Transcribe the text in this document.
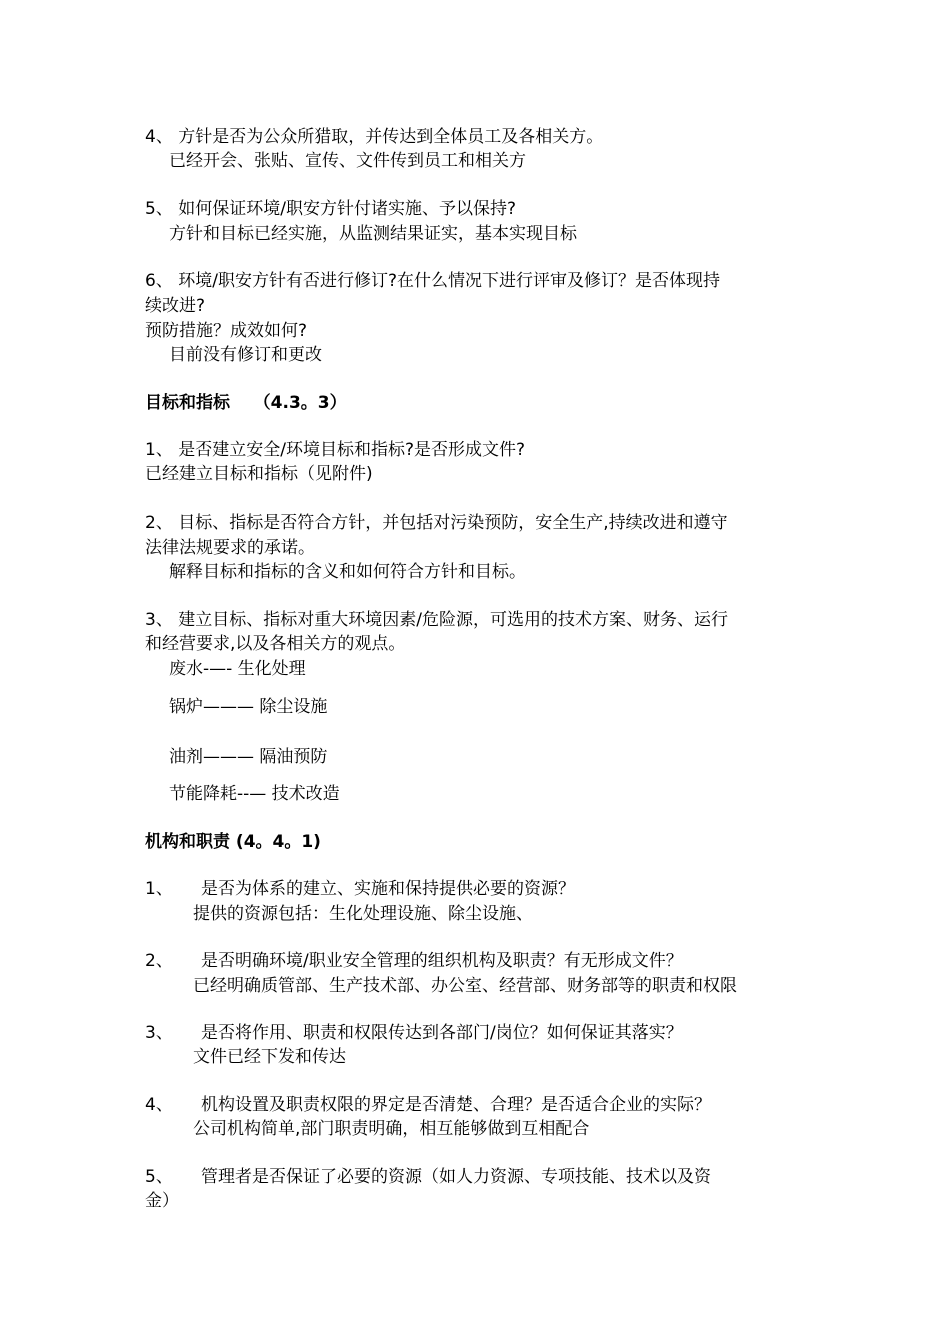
4、 方针是否为公众所猎取，并传达到全体员工及各相关方。
已经开会、张贴、宣传、文件传到员工和相关方
5、 如何保证环境/职安方针付诸实施、予以保持?
方针和目标已经实施，从监测结果证实，基本实现目标
6、 环境/职安方针有否进行修订?在什么情况下进行评审及修订？是否体现持
续改进?
预防措施？成效如何?
目前没有修订和更改
目标和指标    （4.3。3）
1、 是否建立安全/环境目标和指标?是否形成文件?
已经建立目标和指标（见附件)
2、 目标、指标是否符合方针，并包括对污染预防，安全生产,持续改进和遵守
法律法规要求的承诺。
解释目标和指标的含义和如何符合方针和目标。
3、 建立目标、指标对重大环境因素/危险源，可选用的技术方案、财务、运行
和经营要求,以及各相关方的观点。
废水-—- 生化处理
锅炉——— 除尘设施
油剂——— 隔油预防
节能降耗--— 技术改造
机构和职责 (4。4。1)
1、 是否为体系的建立、实施和保持提供必要的资源？
提供的资源包括：生化处理设施、除尘设施、
2、 是否明确环境/职业安全管理的组织机构及职责？有无形成文件？
已经明确质管部、生产技术部、办公室、经营部、财务部等的职责和权限
3、 是否将作用、职责和权限传达到各部门/岗位？如何保证其落实？
文件已经下发和传达
4、 机构设置及职责权限的界定是否清楚、合理？是否适合企业的实际？
公司机构简单,部门职责明确，相互能够做到互相配合
5、 管理者是否保证了必要的资源（如人力资源、专项技能、技术以及资
金）
